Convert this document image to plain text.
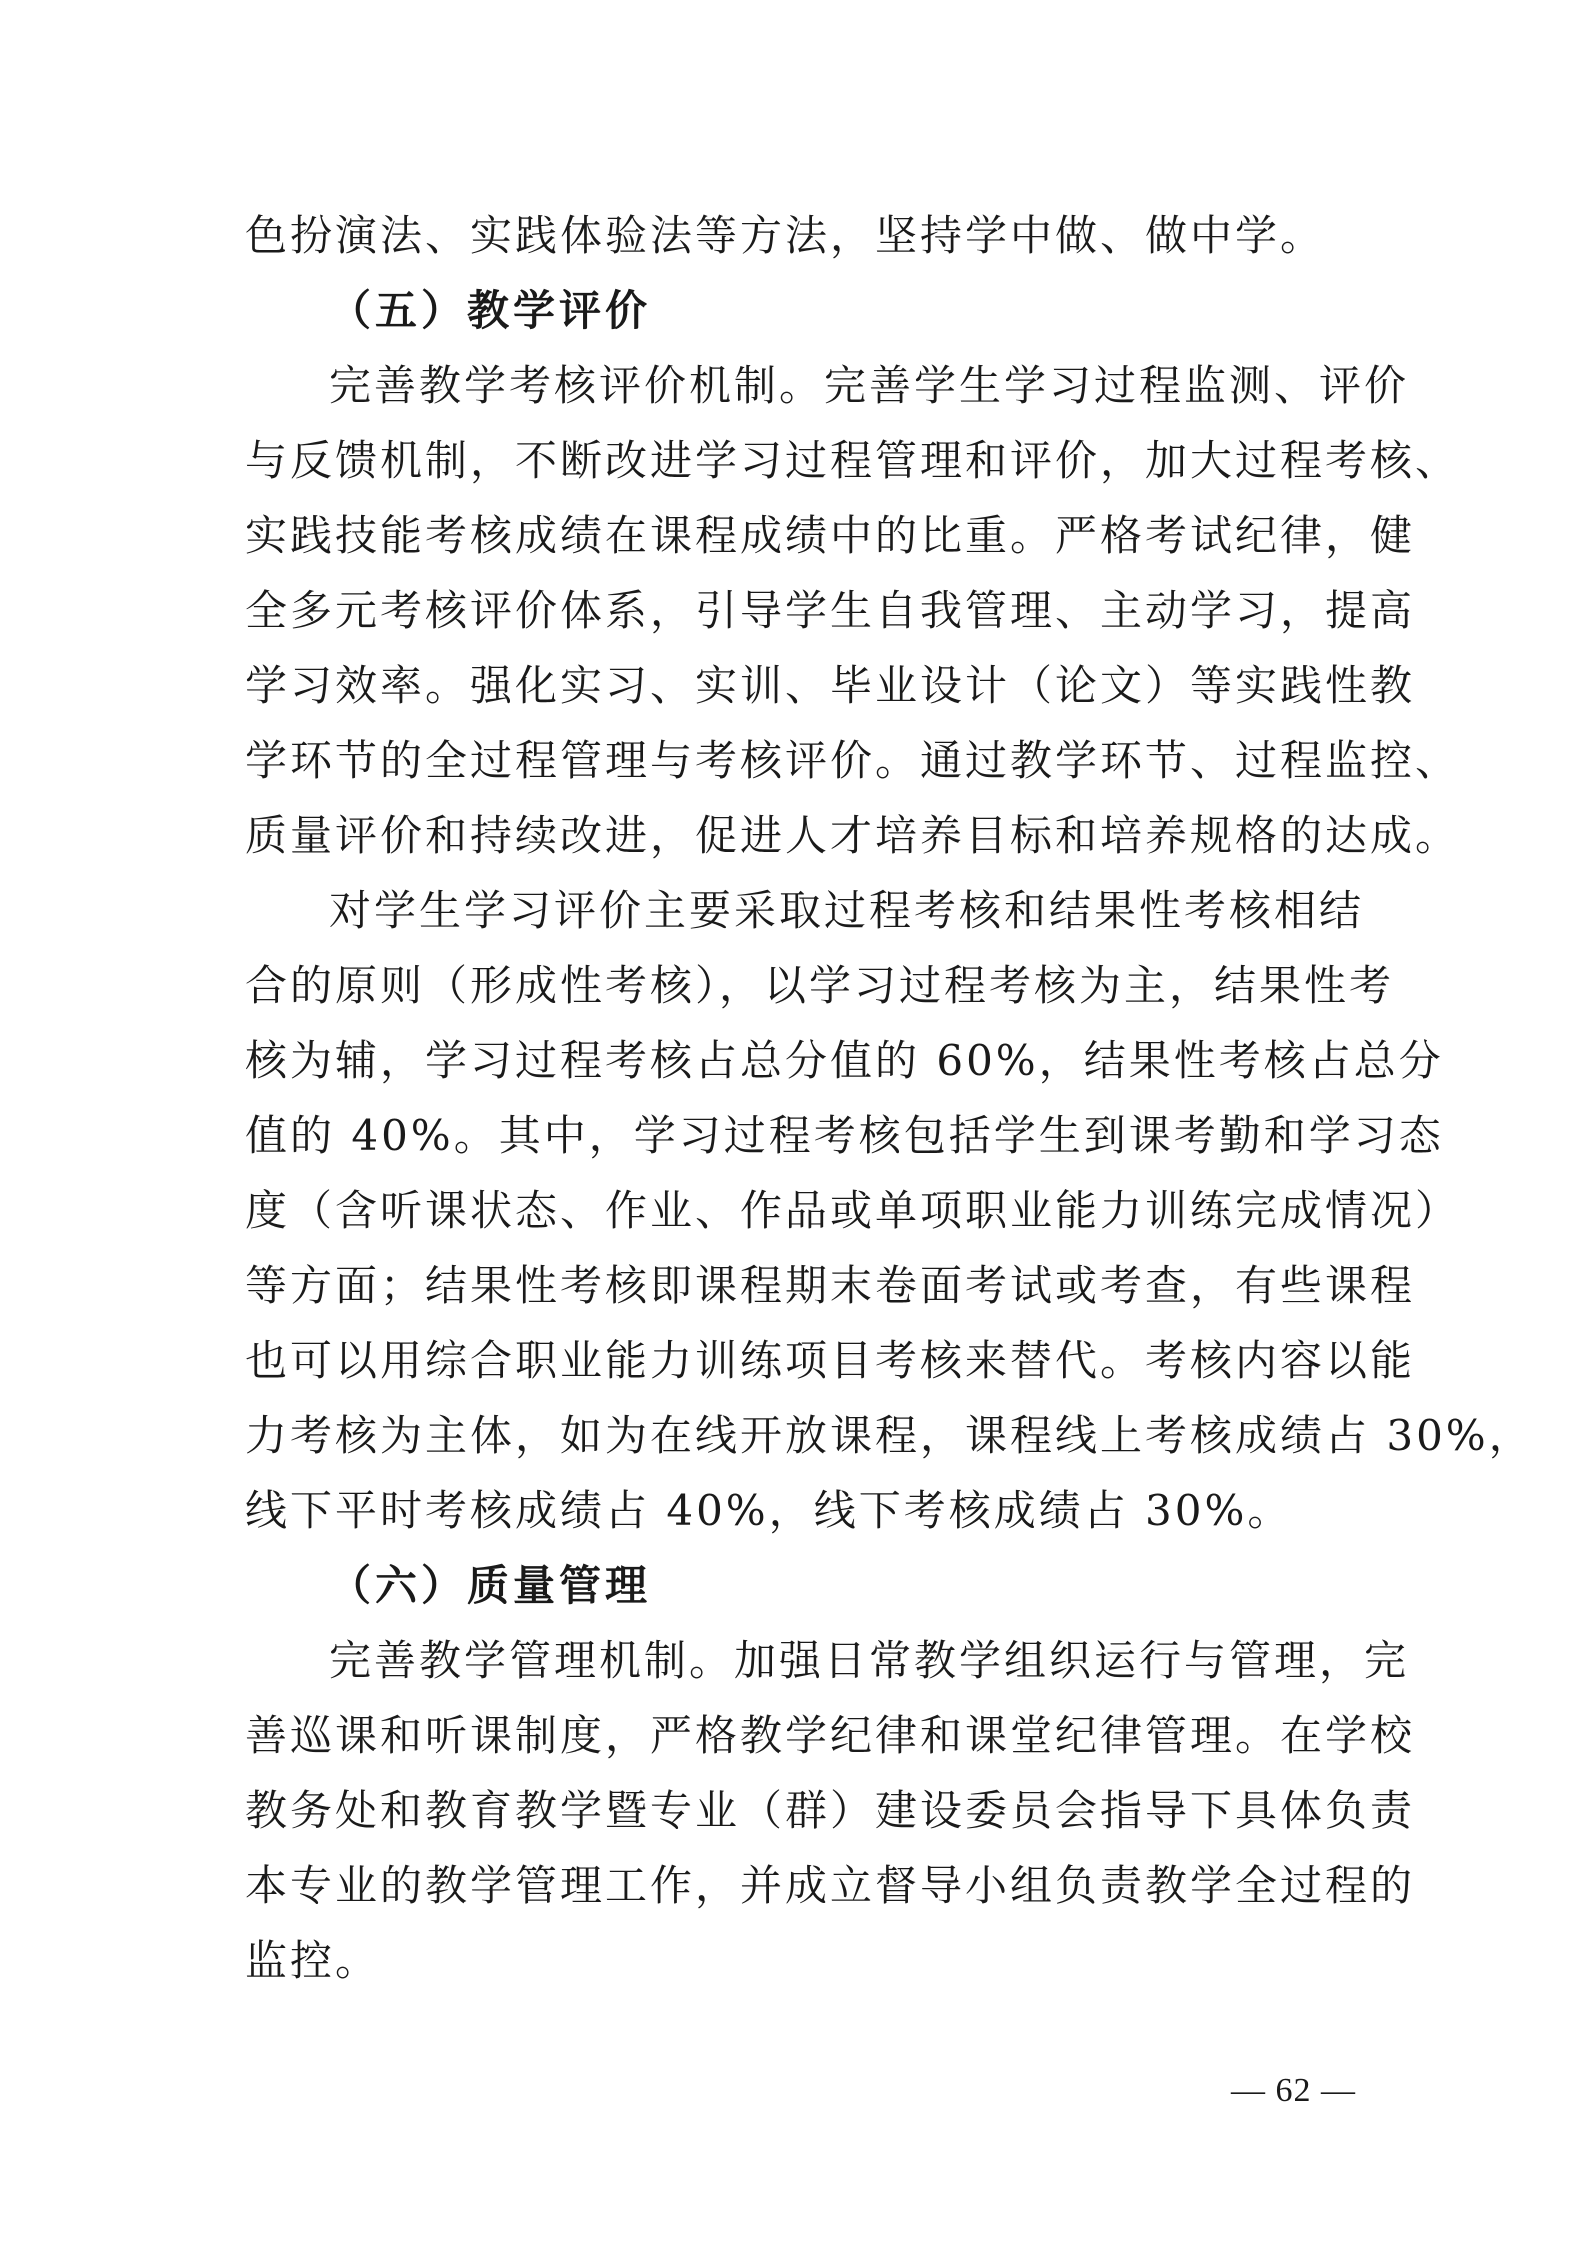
色扮演法、实践体验法等方法，坚持学中做、做中学。
（五）教学评价
完善教学考核评价机制。完善学生学习过程监测、评价
与反馈机制，不断改进学习过程管理和评价，加大过程考核、
实践技能考核成绩在课程成绩中的比重。严格考试纪律，健
全多元考核评价体系，引导学生自我管理、主动学习，提高
学习效率。强化实习、实训、毕业设计（论文）等实践性教
学环节的全过程管理与考核评价。通过教学环节、过程监控、
质量评价和持续改进，促进人才培养目标和培养规格的达成。
对学生学习评价主要采取过程考核和结果性考核相结
合的原则（形成性考核），以学习过程考核为主，结果性考
核为辅，学习过程考核占总分值的 60%，结果性考核占总分
值的 40%。其中，学习过程考核包括学生到课考勤和学习态
度（含听课状态、作业、作品或单项职业能力训练完成情况）
等方面；结果性考核即课程期末卷面考试或考查，有些课程
也可以用综合职业能力训练项目考核来替代。考核内容以能
力考核为主体，如为在线开放课程，课程线上考核成绩占 30%，
线下平时考核成绩占 40%，线下考核成绩占 30%。
（六）质量管理
完善教学管理机制。加强日常教学组织运行与管理，完
善巡课和听课制度，严格教学纪律和课堂纪律管理。在学校
教务处和教育教学暨专业（群）建设委员会指导下具体负责
本专业的教学管理工作，并成立督导小组负责教学全过程的
监控。
— 62 —
